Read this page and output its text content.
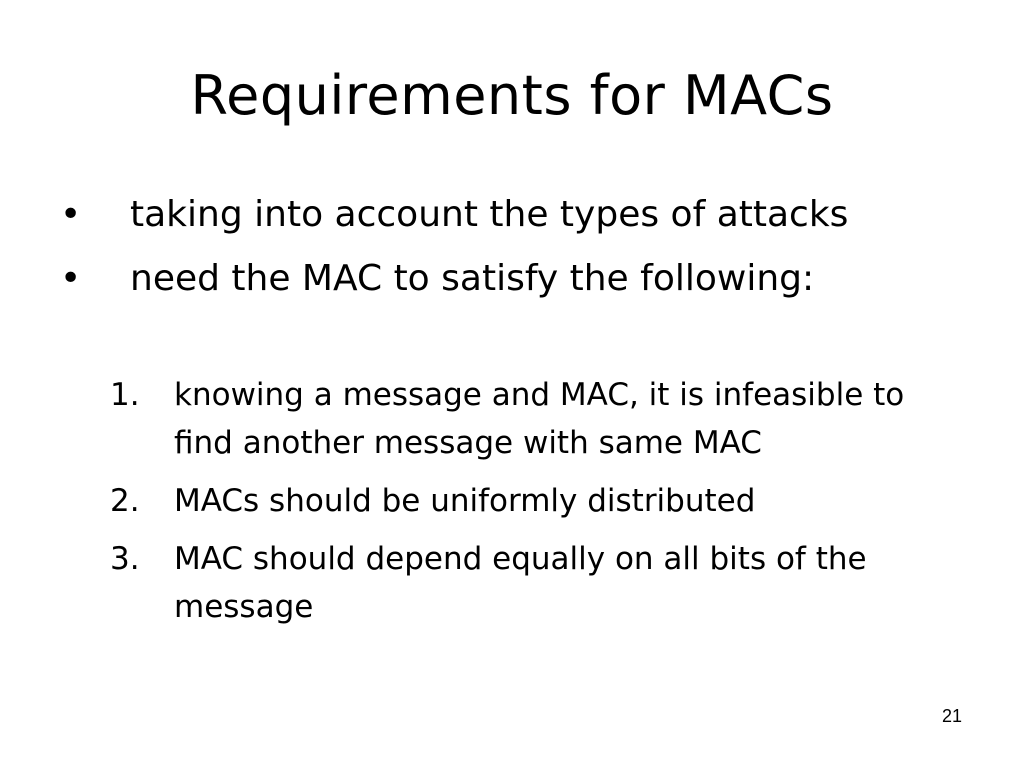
Requirements for MACs
• taking into account the types of attacks
• need the MAC to satisfy the following:
1. knowing a message and MAC, it is infeasible to find another message with same MAC
2. MACs should be uniformly distributed
3. MAC should depend equally on all bits of the message
21
